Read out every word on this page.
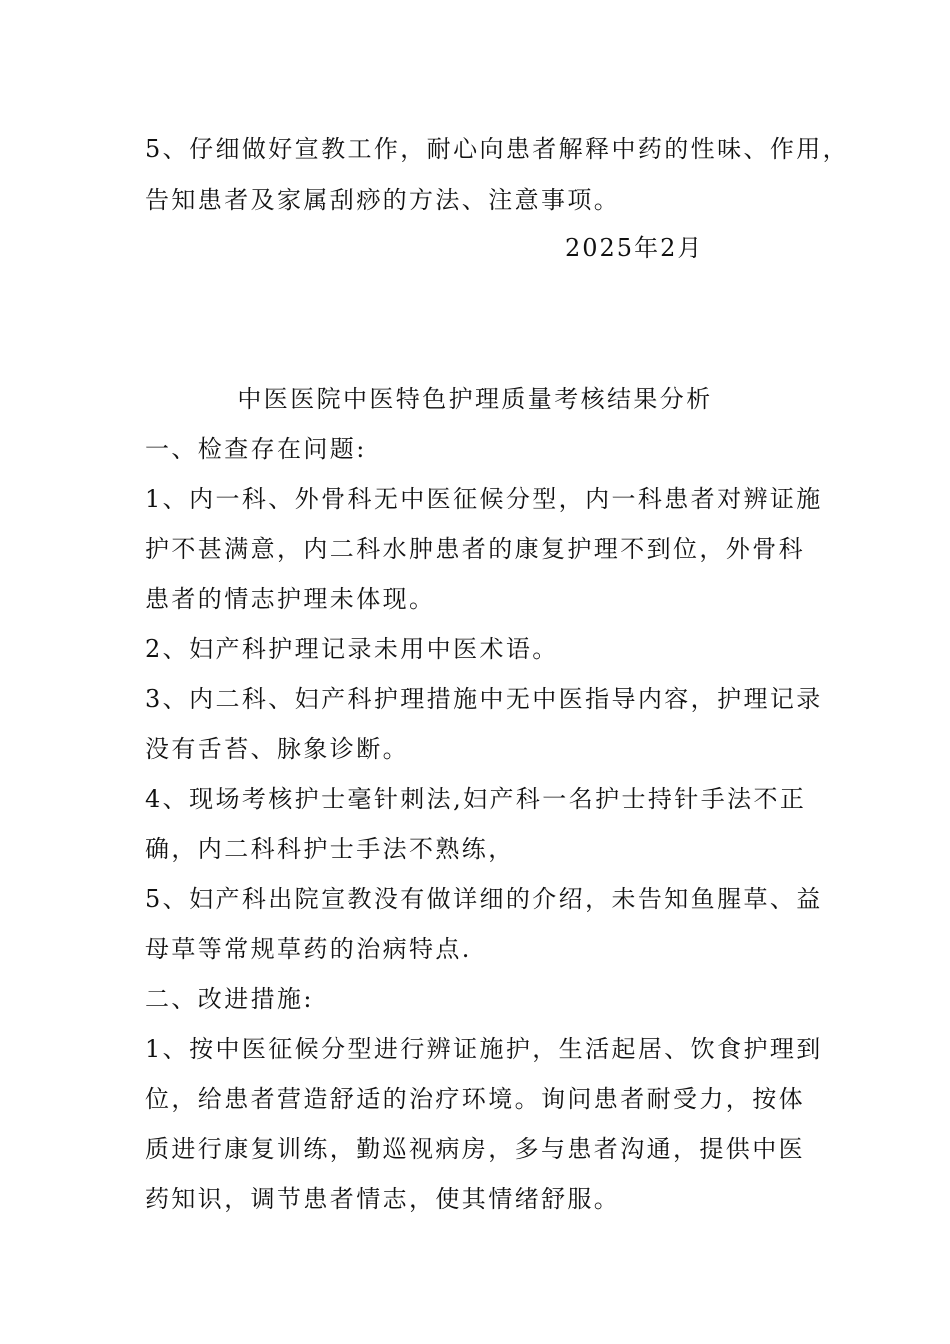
5、仔细做好宣教工作，耐心向患者解释中药的性味、作用，
告知患者及家属刮痧的方法、注意事项。
2025年2月
中医医院中医特色护理质量考核结果分析
一、检查存在问题:
1、内一科、外骨科无中医征候分型，内一科患者对辨证施
护不甚满意，内二科水肿患者的康复护理不到位，外骨科
患者的情志护理未体现。
2、妇产科护理记录未用中医术语。
3、内二科、妇产科护理措施中无中医指导内容，护理记录
没有舌苔、脉象诊断。
4、现场考核护士毫针刺法,妇产科一名护士持针手法不正
确，内二科科护士手法不熟练，
5、妇产科出院宣教没有做详细的介绍，未告知鱼腥草、益
母草等常规草药的治病特点.
二、改进措施:
1、按中医征候分型进行辨证施护，生活起居、饮食护理到
位，给患者营造舒适的治疗环境。询问患者耐受力，按体
质进行康复训练，勤巡视病房，多与患者沟通，提供中医
药知识，调节患者情志，使其情绪舒服。
